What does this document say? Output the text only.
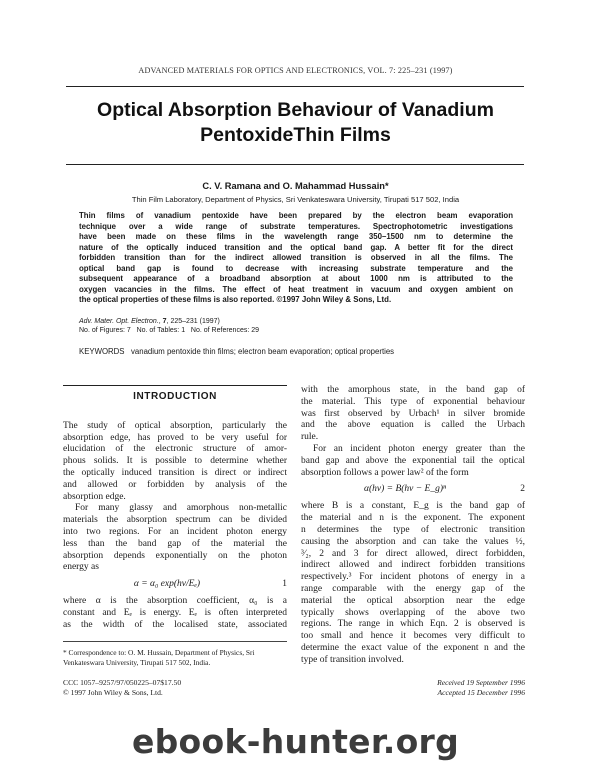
ADVANCED MATERIALS FOR OPTICS AND ELECTRONICS, VOL. 7: 225–231 (1997)
Optical Absorption Behaviour of Vanadium
PentoxideThin Films
C. V. Ramana and O. Mahammad Hussain*
Thin Film Laboratory, Department of Physics, Sri Venkateswara University, Tirupati 517 502, India
Thin films of vanadium pentoxide have been prepared by the electron beam evaporation
technique over a wide range of substrate temperatures. Spectrophotometric investigations
have been made on these films in the wavelength range 350–1500 nm to determine the
nature of the optically induced transition and the optical band gap. A better fit for the direct
forbidden transition than for the indirect allowed transition is observed in all the films. The
optical band gap is found to decrease with increasing substrate temperature and the
subsequent appearance of a broadband absorption at about 1000 nm is attributed to the
oxygen vacancies in the films. The effect of heat treatment in vacuum and oxygen ambient on
the optical properties of these films is also reported. ©1997 John Wiley & Sons, Ltd.
Adv. Mater. Opt. Electron., 7, 225–231 (1997)
No. of Figures: 7   No. of Tables: 1   No. of References: 29
KEYWORDS vanadium pentoxide thin films; electron beam evaporation; optical properties
INTRODUCTION
The study of optical absorption, particularly the
absorption edge, has proved to be very useful for
elucidation of the electronic structure of amor-
phous solids. It is possible to determine whether
the optically induced transition is direct or indirect
and allowed or forbidden by analysis of the
absorption edge.
For many glassy and amorphous non-metallic
materials the absorption spectrum can be divided
into two regions. For an incident photon energy
less than the band gap of the material the
absorption depends exponentially on the photon
energy as
α = α₀ exp(hν/Eₑ)	1
where α is the absorption coefficient, α₀ is a
constant and Eₑ is energy. Eₑ is often interpreted
as the width of the localised state, associated
* Correspondence to: O. M. Hussain, Department of Physics, Sri Venkateswara University, Tirupati 517 502, India.
CCC 1057–9257/97/050225–07$17.50
© 1997 John Wiley & Sons, Ltd.
with the amorphous state, in the band gap of
the material. This type of exponential behaviour
was first observed by Urbach¹ in silver bromide
and the above equation is called the Urbach
rule.
For an incident photon energy greater than the
band gap and above the exponential tail the optical
absorption follows a power law² of the form
α(hν) = B(hν − E_g)ⁿ	2
where B is a constant, E_g is the band gap of
the material and n is the exponent. The exponent
n determines the type of electronic transition
causing the absorption and can take the values ½,
³⁄₂, 2 and 3 for direct allowed, direct forbidden,
indirect allowed and indirect forbidden transitions
respectively.³ For incident photons of energy in a
range comparable with the energy gap of the
material the optical absorption near the edge
typically shows overlapping of the above two
regions. The range in which Eqn. 2 is observed is
too small and hence it becomes very difficult to
determine the exact value of the exponent n and the
type of transition involved.
Received 19 September 1996
Accepted 15 December 1996
ebook-hunter.org
